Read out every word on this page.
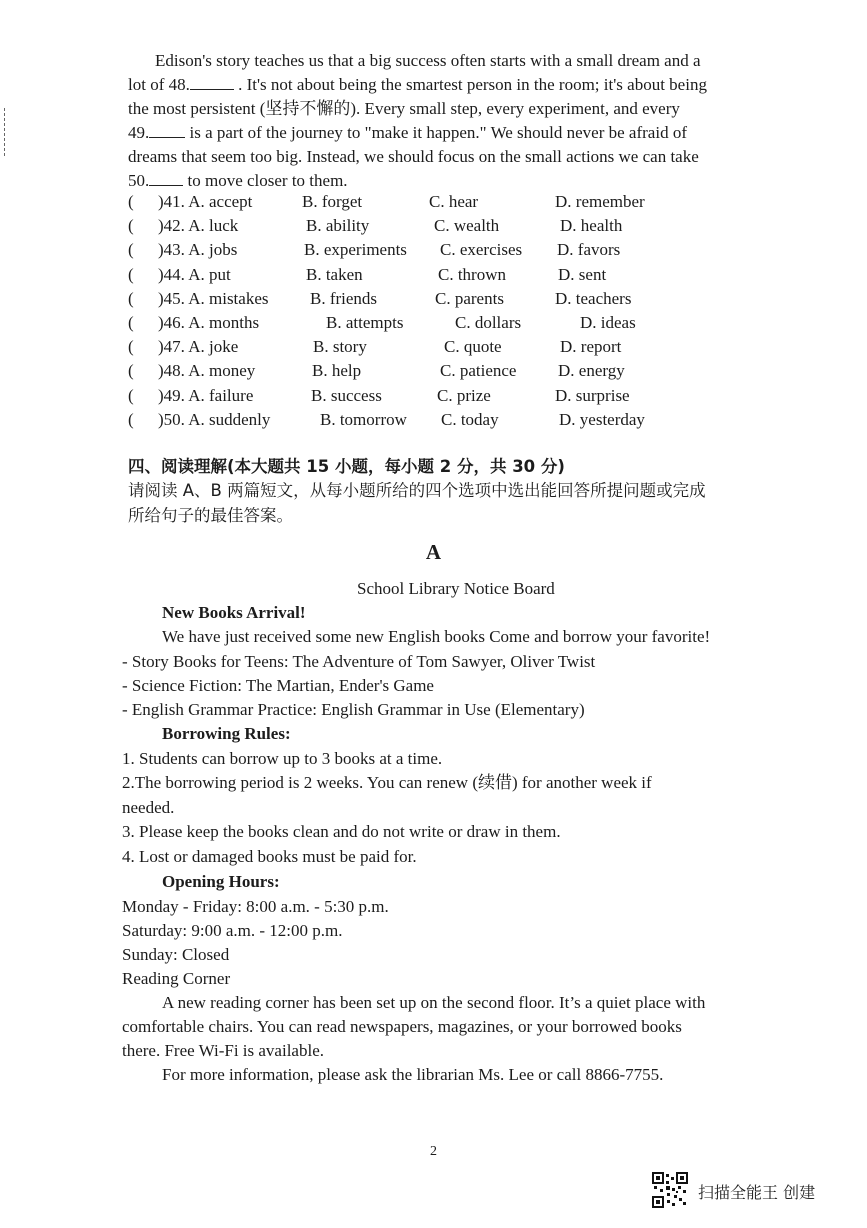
Edison's story teaches us that a big success often starts with a small dream and a
lot of 48.	. It's not about being the smartest person in the room; it's about being
the most persistent (坚持不懈的). Every small step, every experiment, and every
49. is a part of the journey to "make it happen." We should never be afraid of
dreams that seem too big. Instead, we should focus on the small actions we can take
50. to move closer to them.
( )41. A. accept	B. forget	C. hear	D. remember
( )42. A. luck	B. ability	C. wealth	D. health
( )43. A. jobs	B. experiments C. exercises D. favors
( )44. A. put	B. taken	C. thrown	D. sent
( )45. A. mistakes B. friends	C. parents	D. teachers
( )46. A. months	B. attempts	C. dollars	D. ideas
( )47. A. joke	B. story	C. quote	D. report
( )48. A. money	B. help	C. patience D. energy
( )49. A. failure	B. success	C. prize	D. surprise
( )50. A. suddenly	B. tomorrow C. today	D. yesterday
四、阅读理解(本大题共 15 小题，每小题 2 分，共 30 分)
请阅读 A、B 两篇短文，从每小题所给的四个选项中选出能回答所提问题或完成
所给句子的最佳答案。
A
School Library Notice Board
New Books Arrival!
We have just received some new English books Come and borrow your favorite!
- Story Books for Teens: The Adventure of Tom Sawyer, Oliver Twist
- Science Fiction: The Martian, Ender's Game
- English Grammar Practice: English Grammar in Use (Elementary)
Borrowing Rules:
1. Students can borrow up to 3 books at a time.
2.The borrowing period is 2 weeks. You can renew (续借) for another week if
needed.
3. Please keep the books clean and do not write or draw in them.
4. Lost or damaged books must be paid for.
Opening Hours:
Monday - Friday: 8:00 a.m. - 5:30 p.m.
Saturday: 9:00 a.m. - 12:00 p.m.
Sunday: Closed
Reading Corner
A new reading corner has been set up on the second floor. It’s a quiet place with
comfortable chairs. You can read newspapers, magazines, or your borrowed books
there. Free Wi-Fi is available.
For more information, please ask the librarian Ms. Lee or call 8866-7755.
2
扫描全能王 创建
